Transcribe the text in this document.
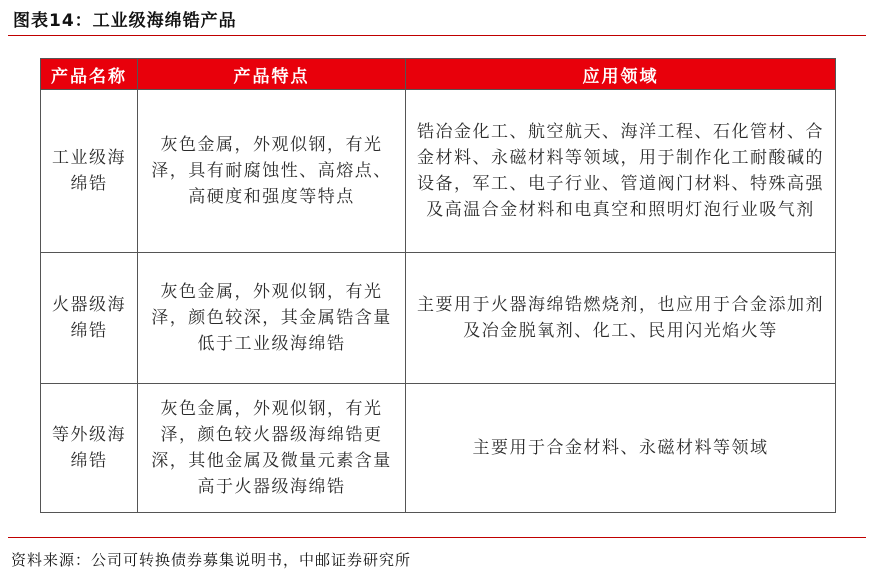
图表14：工业级海绵锆产品
产品名称	产品特点	应用领域
工业级海绵锆	灰色金属，外观似钢，有光泽，具有耐腐蚀性、高熔点、高硬度和强度等特点	锆冶金化工、航空航天、海洋工程、石化管材、合金材料、永磁材料等领域，用于制作化工耐酸碱的设备，军工、电子行业、管道阀门材料、特殊高强及高温合金材料和电真空和照明灯泡行业吸气剂
火器级海绵锆	灰色金属，外观似钢，有光泽，颜色较深，其金属锆含量低于工业级海绵锆	主要用于火器海绵锆燃烧剂，也应用于合金添加剂及冶金脱氧剂、化工、民用闪光焰火等
等外级海绵锆	灰色金属，外观似钢，有光泽，颜色较火器级海绵锆更深，其他金属及微量元素含量高于火器级海绵锆	主要用于合金材料、永磁材料等领域
资料来源：公司可转换债券募集说明书，中邮证券研究所
